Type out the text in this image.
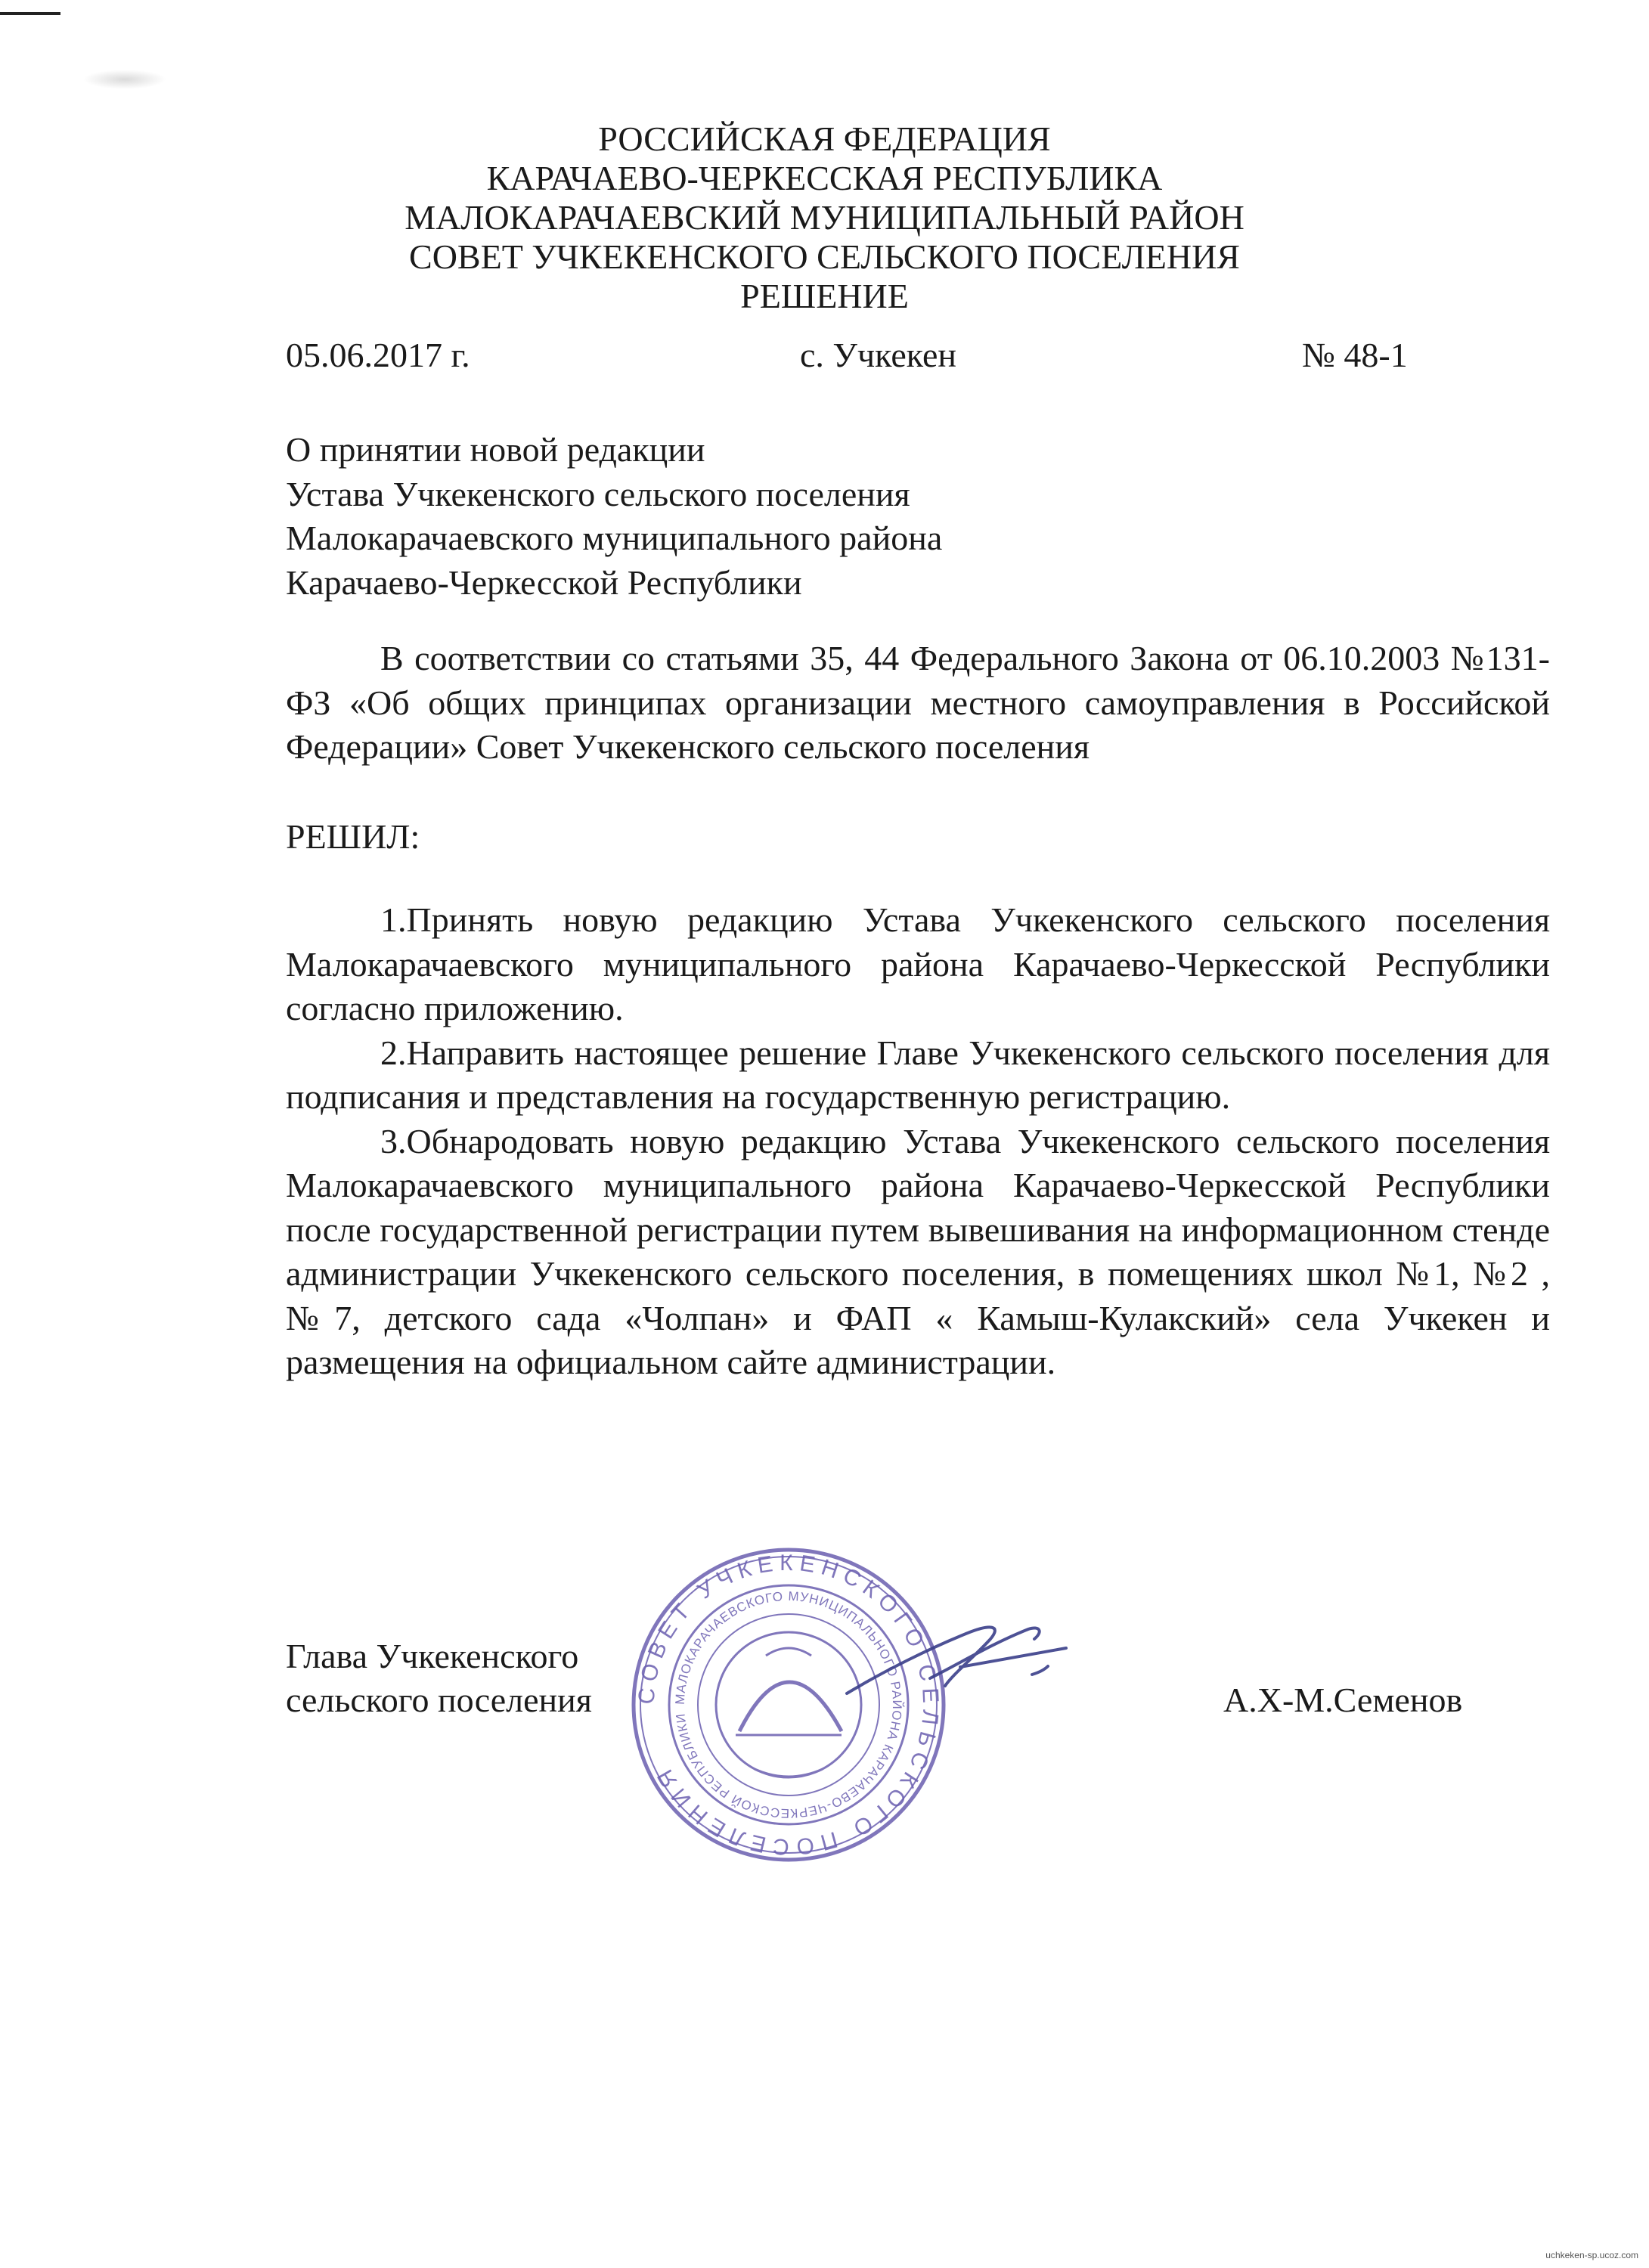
РОССИЙСКАЯ ФЕДЕРАЦИЯ
КАРАЧАЕВО-ЧЕРКЕССКАЯ РЕСПУБЛИКА
МАЛОКАРАЧАЕВСКИЙ МУНИЦИПАЛЬНЫЙ РАЙОН
СОВЕТ УЧКЕКЕНСКОГО СЕЛЬСКОГО ПОСЕЛЕНИЯ
РЕШЕНИЕ
05.06.2017 г.	с. Учкекен	№ 48-1
О принятии новой редакции
Устава Учкекенского сельского поселения
Малокарачаевского муниципального района
Карачаево-Черкесской Республики

В соответствии со статьями 35, 44 Федерального Закона от 06.10.2003 №131-ФЗ «Об общих принципах организации местного самоуправления в Российской Федерации» Совет Учкекенского сельского поселения

РЕШИЛ:

1.Принять новую редакцию Устава Учкекенского сельского поселения Малокарачаевского муниципального района Карачаево-Черкесской Республики согласно приложению.

2.Направить настоящее решение Главе Учкекенского сельского поселения для подписания и представления на государственную регистрацию.

3.Обнародовать новую редакцию Устава Учкекенского сельского поселения Малокарачаевского муниципального района Карачаево-Черкесской Республики после государственной регистрации путем вывешивания на информационном стенде администрации Учкекенского сельского поселения, в помещениях школ №1, №2 ,№7, детского сада «Чолпан» и ФАП « Камыш-Кулакский» села Учкекен и размещения на официальном сайте администрации.

СОВЕТ УЧКЕКЕНСКОГО СЕЛЬСКОГО ПОСЕЛЕНИЯ
МАЛОКАРАЧАЕВСКОГО МУНИЦИПАЛЬНОГО РАЙОНА КАРАЧАЕВО-ЧЕРКЕССКОЙ РЕСПУБЛИКИ
Глава Учкекенского
сельского поселения	А.Х-М.Семенов
uchkeken-sp.ucoz.com
